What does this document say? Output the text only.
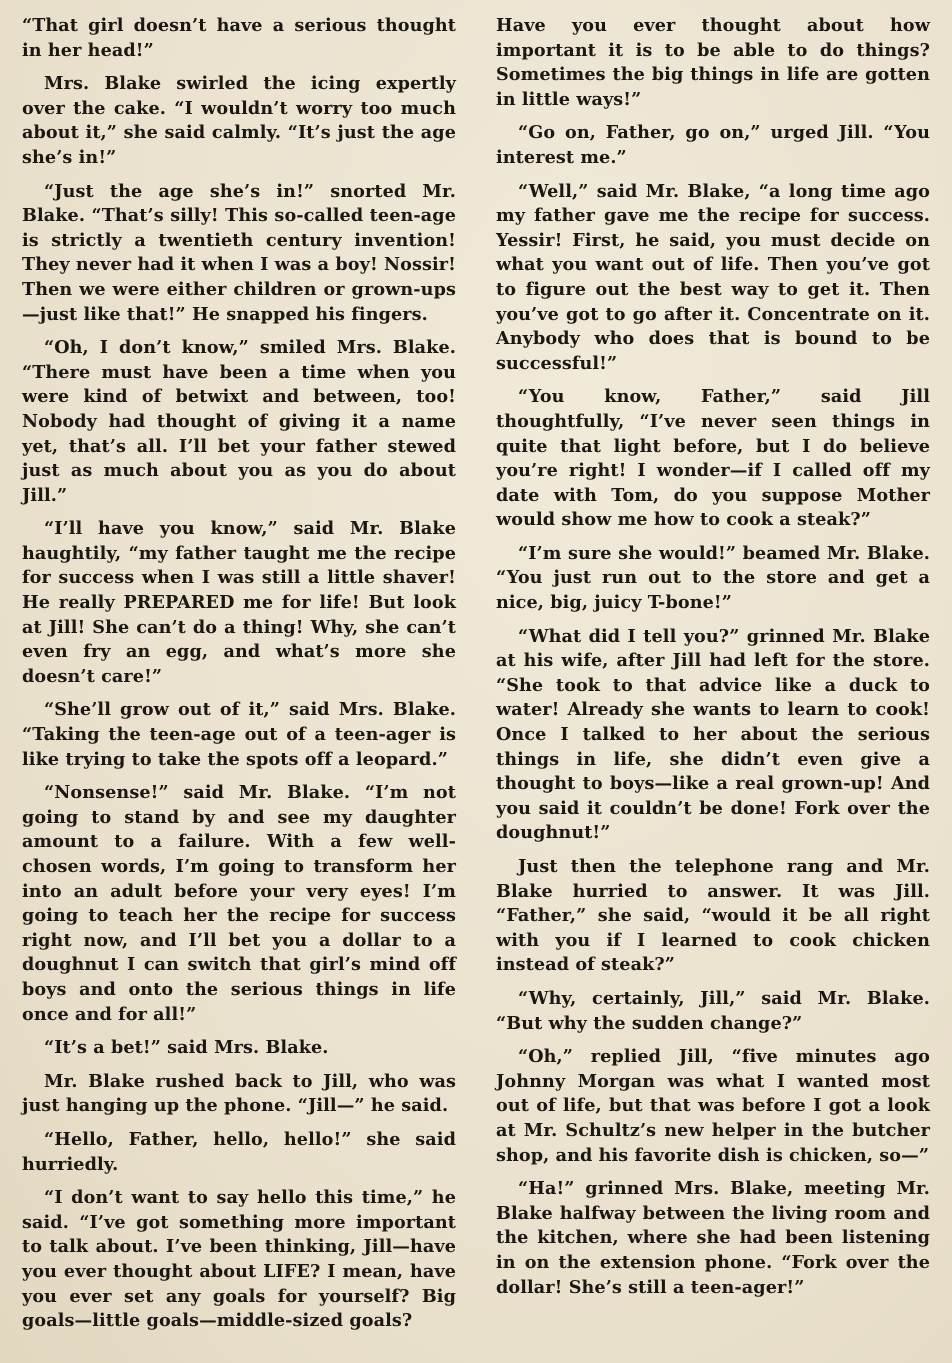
“That girl doesn’t have a serious thought in her head!”

Mrs. Blake swirled the icing expertly over the cake. “I wouldn’t worry too much about it,” she said calmly. “It’s just the age she’s in!”

“Just the age she’s in!” snorted Mr. Blake. “That’s silly! This so-called teen-age is strictly a twentieth century invention! They never had it when I was a boy! Nossir! Then we were either children or grown-ups —just like that!” He snapped his fingers.

“Oh, I don’t know,” smiled Mrs. Blake. “There must have been a time when you were kind of betwixt and between, too! Nobody had thought of giving it a name yet, that’s all. I’ll bet your father stewed just as much about you as you do about Jill.”

“I’ll have you know,” said Mr. Blake haughtily, “my father taught me the recipe for success when I was still a little shaver! He really PREPARED me for life! But look at Jill! She can’t do a thing! Why, she can’t even fry an egg, and what’s more she doesn’t care!”

“She’ll grow out of it,” said Mrs. Blake. “Taking the teen-age out of a teen-ager is like trying to take the spots off a leopard.”

“Nonsense!” said Mr. Blake. “I’m not going to stand by and see my daughter amount to a failure. With a few well-chosen words, I’m going to transform her into an adult before your very eyes! I’m going to teach her the recipe for success right now, and I’ll bet you a dollar to a doughnut I can switch that girl’s mind off boys and onto the serious things in life once and for all!”

“It’s a bet!” said Mrs. Blake.

Mr. Blake rushed back to Jill, who was just hanging up the phone. “Jill—” he said.

“Hello, Father, hello, hello!” she said hurriedly.

“I don’t want to say hello this time,” he said. “I’ve got something more important to talk about. I’ve been thinking, Jill—have you ever thought about LIFE? I mean, have you ever set any goals for yourself? Big goals—little goals—middle-sized goals?

Have you ever thought about how important it is to be able to do things? Sometimes the big things in life are gotten in little ways!”

“Go on, Father, go on,” urged Jill. “You interest me.”

“Well,” said Mr. Blake, “a long time ago my father gave me the recipe for success. Yessir! First, he said, you must decide on what you want out of life. Then you’ve got to figure out the best way to get it. Then you’ve got to go after it. Concentrate on it. Anybody who does that is bound to be successful!”

“You know, Father,” said Jill thoughtfully, “I’ve never seen things in quite that light before, but I do believe you’re right! I wonder—if I called off my date with Tom, do you suppose Mother would show me how to cook a steak?”

“I’m sure she would!” beamed Mr. Blake. “You just run out to the store and get a nice, big, juicy T-bone!”

“What did I tell you?” grinned Mr. Blake at his wife, after Jill had left for the store. “She took to that advice like a duck to water! Already she wants to learn to cook! Once I talked to her about the serious things in life, she didn’t even give a thought to boys—like a real grown-up! And you said it couldn’t be done! Fork over the doughnut!”

Just then the telephone rang and Mr. Blake hurried to answer. It was Jill. “Father,” she said, “would it be all right with you if I learned to cook chicken instead of steak?”

“Why, certainly, Jill,” said Mr. Blake. “But why the sudden change?”

“Oh,” replied Jill, “five minutes ago Johnny Morgan was what I wanted most out of life, but that was before I got a look at Mr. Schultz’s new helper in the butcher shop, and his favorite dish is chicken, so—”

“Ha!” grinned Mrs. Blake, meeting Mr. Blake halfway between the living room and the kitchen, where she had been listening in on the extension phone. “Fork over the dollar! She’s still a teen-ager!”
